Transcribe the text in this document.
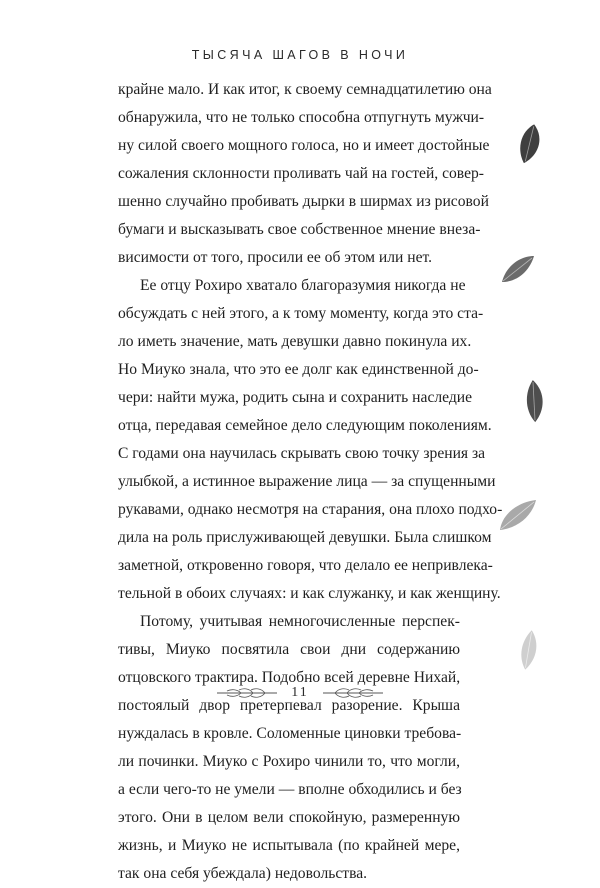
ТЫСЯЧА ШАГОВ В НОЧИ
крайне мало. И как итог, к своему семнадцатилетию она
обнаружила, что не только способна отпугнуть мужчи-
ну силой своего мощного голоса, но и имеет достойные
сожаления склонности проливать чай на гостей, совер-
шенно случайно пробивать дырки в ширмах из рисовой
бумаги и высказывать свое собственное мнение внеза-
висимости от того, просили ее об этом или нет.
Ее отцу Рохиро хватало благоразумия никогда не
обсуждать с ней этого, а к тому моменту, когда это ста-
ло иметь значение, мать девушки давно покинула их.
Но Миуко знала, что это ее долг как единственной до-
чери: найти мужа, родить сына и сохранить наследие
отца, передавая семейное дело следующим поколениям.
С годами она научилась скрывать свою точку зрения за
улыбкой, а истинное выражение лица — за спущенными
рукавами, однако несмотря на старания, она плохо подхо-
дила на роль прислуживающей девушки. Была слишком
заметной, откровенно говоря, что делало ее непривлека-
тельной в обоих случаях: и как служанку, и как женщину.
Потому, учитывая немногочисленные перспек-
тивы, Миуко посвятила свои дни содержанию
отцовского трактира. Подобно всей деревне Нихай,
постоялый двор претерпевал разорение. Крыша
нуждалась в кровле. Соломенные циновки требова-
ли починки. Миуко с Рохиро чинили то, что могли,
а если чего-то не умели — вполне обходились и без
этого. Они в целом вели спокойную, размеренную
жизнь, и Миуко не испытывала (по крайней мере,
так она себя убеждала) недовольства.
11
